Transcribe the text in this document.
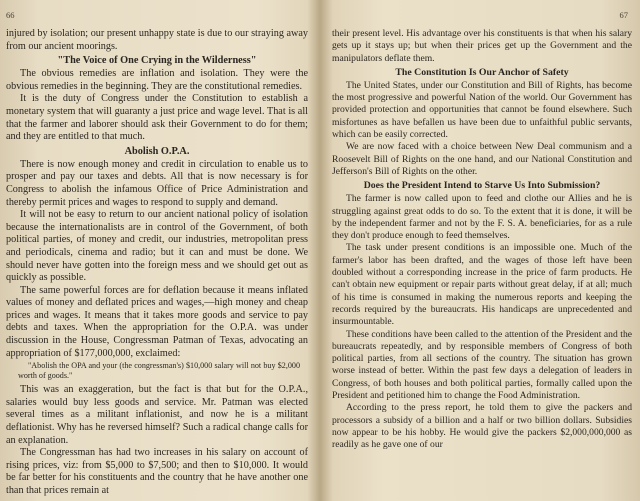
66

injured by isolation; our present unhappy state is due to our straying away from our ancient moorings.

"The Voice of One Crying in the Wilderness"

The obvious remedies are inflation and isolation. They were the obvious remedies in the beginning. They are the constitutional remedies.

It is the duty of Congress under the Constitution to establish a monetary system that will guaranty a just price and wage level. That is all that the farmer and laborer should ask their Government to do for them; and they are entitled to that much.

Abolish O.P.A.

There is now enough money and credit in circulation to enable us to prosper and pay our taxes and debts. All that is now necessary is for Congress to abolish the infamous Office of Price Administration and thereby permit prices and wages to respond to supply and demand.

It will not be easy to return to our ancient national policy of isolation because the internationalists are in control of the Government, of both political parties, of money and credit, our industries, metropolitan press and periodicals, cinema and radio; but it can and must be done. We should never have gotten into the foreign mess and we should get out as quickly as possible.

The same powerful forces are for deflation because it means inflated values of money and deflated prices and wages,—high money and cheap prices and wages. It means that it takes more goods and service to pay debts and taxes. When the appropriation for the O.P.A. was under discussion in the House, Congressman Patman of Texas, advocating an appropriation of $177,000,000, exclaimed:

"Abolish the OPA and your (the congressman's) $10,000 salary will not buy $2,000 worth of goods."

This was an exaggeration, but the fact is that but for the O.P.A., salaries would buy less goods and service. Mr. Patman was elected several times as a militant inflationist, and now he is a militant deflationist. Why has he reversed himself? Such a radical change calls for an explanation.

The Congressman has had two increases in his salary on account of rising prices, viz: from $5,000 to $7,500; and then to $10,000. It would be far better for his constituents and the country that he have another one than that prices remain at

67

their present level. His advantage over his constituents is that when his salary gets up it stays up; but when their prices get up the Government and the manipulators deflate them.

The Constitution Is Our Anchor of Safety

The United States, under our Constitution and Bill of Rights, has become the most progressive and powerful Nation of the world. Our Government has provided protection and opportunities that cannot be found elsewhere. Such misfortunes as have befallen us have been due to unfaithful public servants, which can be easily corrected.

We are now faced with a choice between New Deal communism and a Roosevelt Bill of Rights on the one hand, and our National Constitution and Jefferson's Bill of Rights on the other.

Does the President Intend to Starve Us Into Submission?

The farmer is now called upon to feed and clothe our Allies and he is struggling against great odds to do so. To the extent that it is done, it will be by the independent farmer and not by the F. S. A. beneficiaries, for as a rule they don't produce enough to feed themselves.

The task under present conditions is an impossible one. Much of the farmer's labor has been drafted, and the wages of those left have been doubled without a corresponding increase in the price of farm products. He can't obtain new equipment or repair parts without great delay, if at all; much of his time is consumed in making the numerous reports and keeping the records required by the bureaucrats. His handicaps are unprecedented and insurmountable.

These conditions have been called to the attention of the President and the bureaucrats repeatedly, and by responsible members of Congress of both political parties, from all sections of the country. The situation has grown worse instead of better. Within the past few days a delegation of leaders in Congress, of both houses and both political parties, formally called upon the President and petitioned him to change the Food Administration.

According to the press report, he told them to give the packers and processors a subsidy of a billion and a half or two billion dollars. Subsidies now appear to be his hobby. He would give the packers $2,000,000,000 as readily as he gave one of our
